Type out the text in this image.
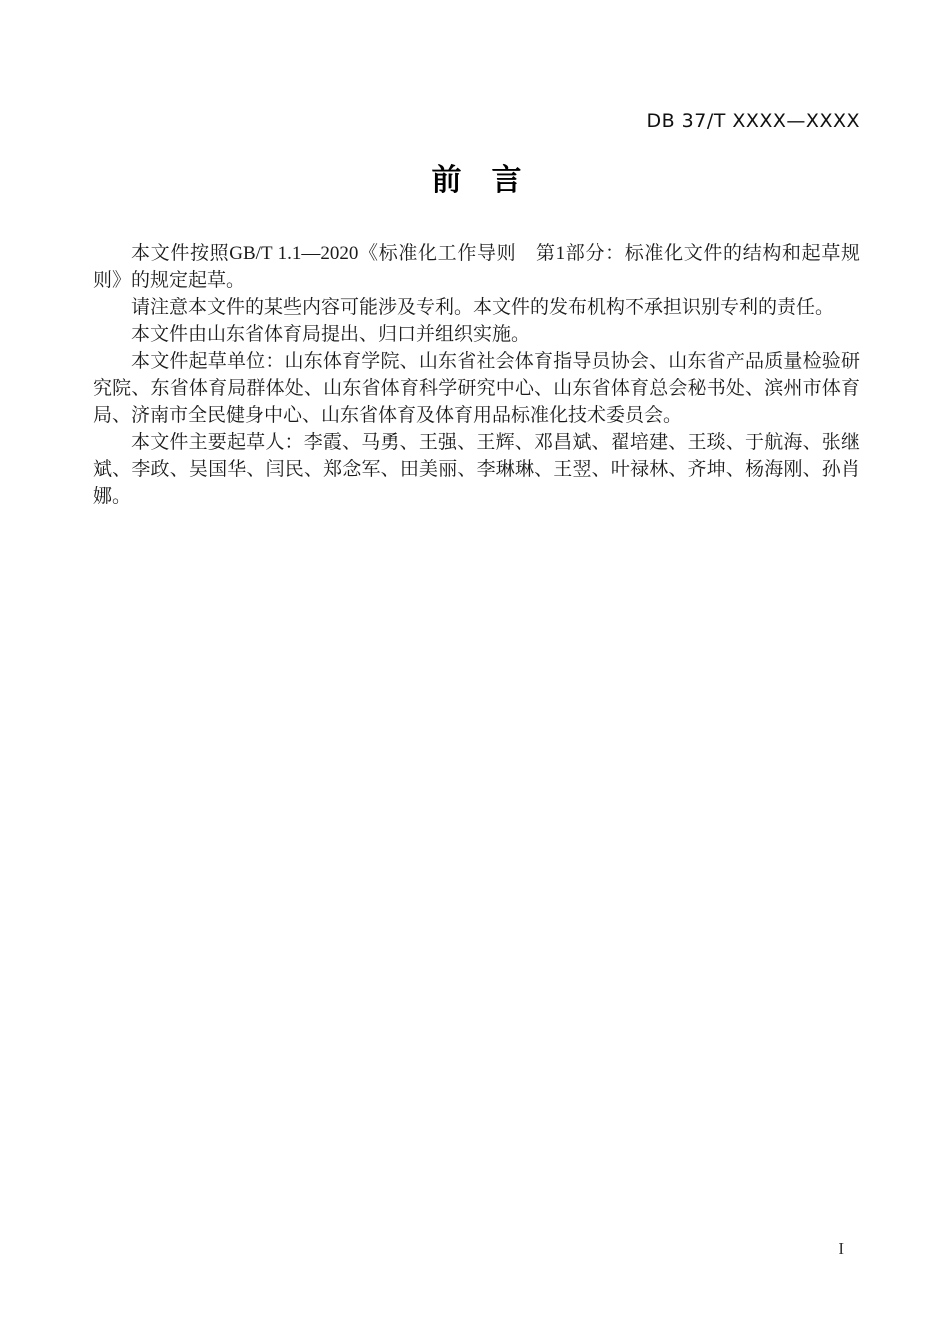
DB 37/T XXXX—XXXX
前　言

本文件按照GB/T 1.1—2020《标准化工作导则　第1部分：标准化文件的结构和起草规则》的规定起草。

请注意本文件的某些内容可能涉及专利。本文件的发布机构不承担识别专利的责任。

本文件由山东省体育局提出、归口并组织实施。

本文件起草单位：山东体育学院、山东省社会体育指导员协会、山东省产品质量检验研究院、东省体育局群体处、山东省体育科学研究中心、山东省体育总会秘书处、滨州市体育局、济南市全民健身中心、山东省体育及体育用品标准化技术委员会。

本文件主要起草人：李霞、马勇、王强、王辉、邓昌斌、翟培建、王琰、于航海、张继斌、李政、吴国华、闫民、郑念军、田美丽、李琳琳、王翌、叶禄林、齐坤、杨海刚、孙肖娜。

I
